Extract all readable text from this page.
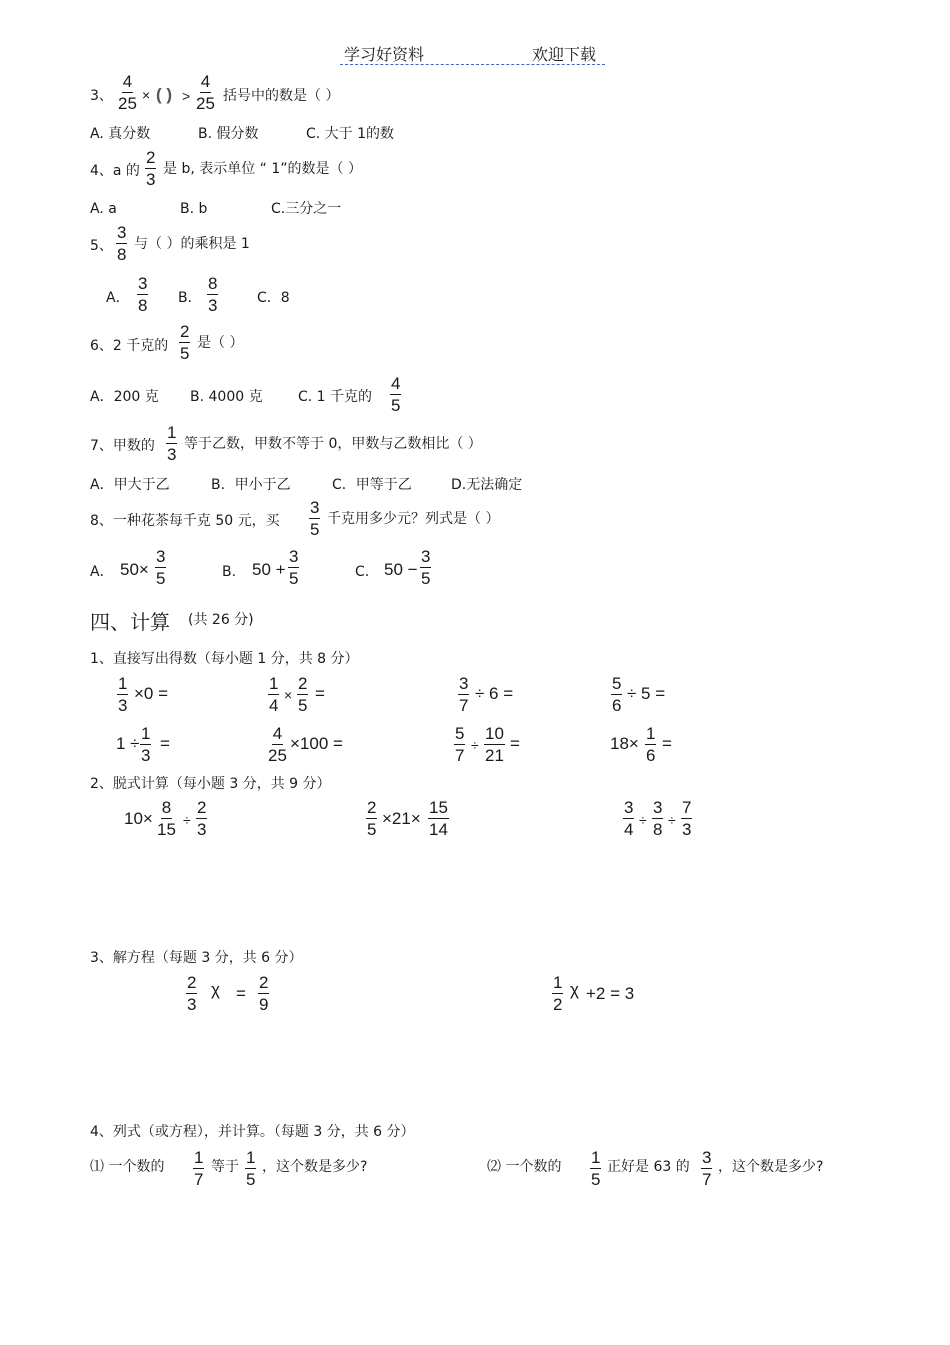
学习好资料	欢迎下载
3、 $\frac{4}{25}$ × ( ) > $\frac{4}{25}$ 括号中的数是（ ）
A. 真分数	B. 假分数	C. 大于 1的数
4、a 的 $\frac{2}{3}$ 是 b, 表示单位 “ 1”的数是（ ）
A. a	B. b	C.三分之一
5、 $\frac{3}{8}$ 与（ ）的乘积是 1
A． $\frac{3}{8} B$. $\frac{8}{3}$	C．8
6、2 千克的 $\frac{2}{5}$ 是（ ）
A．200 克 B. 4000 克	C. 1 千克的 $\frac{4}{5}$
7、甲数的 $\frac{1}{3}$ 等于乙数，甲数不等于 0，甲数与乙数相比（ ）
A．甲大于乙	B．甲小于乙	C．甲等于乙	D.无法确定
8、一种花茶每千克 50 元，买 $\frac{3}{5}$ 千克用多少元？列式是（ ）
A． $50\times \frac{3}{5}$	B. $50 + \frac{3}{5}$	C. $50 - \frac{3}{5}$
四、计算 (共 26 分)
1、直接写出得数（每小题 1 分，共 8 分）
$\frac{1}{3} \times 0$ =	$\frac{1}{4} \times \frac{2}{5}$ =	$\frac{3}{7} \div 6$ =	$\frac{5}{6} \div 5$ =
$1 \div \frac{1}{3}$ =	$\frac{4}{25} \times 100$ =	$\frac{5}{7} \div \frac{10}{21}$ =	$18\times \frac{1}{6}$ =
2、脱式计算（每小题 3 分，共 9 分）
$10\times \frac{8}{15} \div \frac{2}{3}$	$\frac{2}{5} \times 21\times \frac{15}{14}$	$\frac{3}{4} \div \frac{3}{8} \div \frac{7}{3}$
3、解方程（每题 3 分，共 6 分）
$\frac{2}{3}$ $\chi = \frac{2}{9}$	$\frac{1}{2}$ χ +2 = 3
4、列式（或方程），并计算。（每题 3 分，共 6 分）
⑴ 一个数的 $\frac{1}{7}$ 等于 $\frac{1}{5}$ ，这个数是多少?	⑵ 一个数的 $\frac{1}{5}$ 正好是 63 的 $\frac{3}{7}$ ，这个数是多少?
